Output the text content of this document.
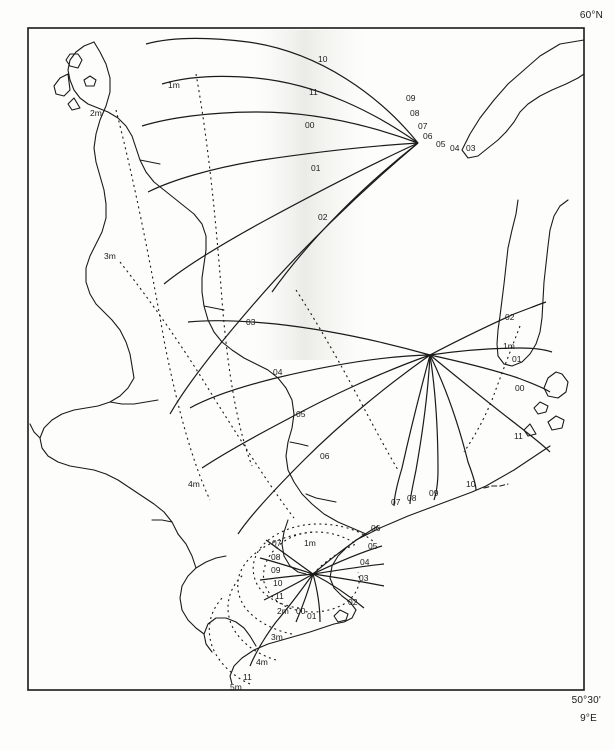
10
11
00
01
02
03
04
05
06
09
08
07
06
05 04 03
02
01
00
11
07 08 09
10
06
05
04
03
02
01
00
07
08
09
10
11
11
1m
2m
3m
4m
1m
1m
2m
3m
4m
5m
60°N
50°30'
9°E
